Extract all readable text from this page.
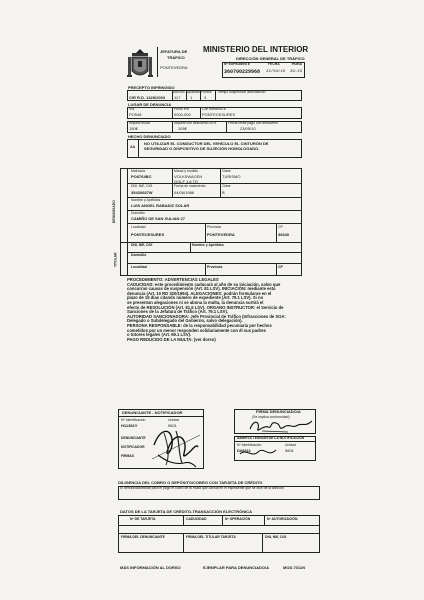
JEFATURA DE
TRÁFICO
PONTEVEDRA
MINISTERIO DEL INTERIOR
DIRECCIÓN GENERAL DE TRÁFICO
Nº EXPEDIENTE
360700229968
FECHA
22/04/10
HORA
29:23
PRECEPTO INFRINGIDO
CIR R.D. 1428/2003
Artículo
117
Apartado
1
Puntos
3
Tiempo suspensión autorización
LUGAR DE DENUNCIA
Vía
PO548
Punto Km
0000,000
Con dirección a
PONTECESURES
Importe multa
150€
Importe con descuento 30%
105€
Fecha límite pago con descuento
23/05/10
HECHO DENUNCIADO
2A
NO UTILIZAR EL CONDUCTOR DEL VEHÍCULO EL CINTURÓN DE
SEGURIDAD O DISPOSITIVO DE SUJECIÓN HOMOLOGADO.
DENUNCIADO
Matrícula
PO8764BC
Marca y modelo
VOLKSWAGEN
GOLF 1.6 TD
Clase
TURISMO
DNI, NIE, DOI
35430687W
Fecha de nacimiento
04/06/1986
Clase
B
Nombre y Apellidos
LUIS ANGEL RABADIZ SOLAR
Domicilio
CAMIÑO DE SAN XULIAN 27
Localidad
PONTECESURES
Provincia
PONTEVEDRA
CP
36640
TITULAR
DNI, NIE, DOI	Nombre y Apellidos
Domicilio
Localidad	Provincia	CP
PROCEDIMIENTO: ADVERTENCIAS LEGALES
CADUCIDAD: este procedimiento caducará al año de su iniciación, salvo que
concurran causas de suspensión (Art. 81 LSV). INICIACIÓN: mediante esta
denuncia (Art. 10 RD 320/1994). ALEGACIONES: podrán formularse en el
plazo de 15 días citando número de expediente (Art. 79.1 LSV). Si no
se presentan alegaciones ni se abona la multa, la denuncia surtirá el
efecto de RESOLUCIÓN (Art. 81.5 LSV). ORGANO INSTRUCTOR: el Servicio de
Sanciones de la Jefatura de Tráfico (Art. 79.1 LSV).
AUTORIDAD SANCIONADORA: Jefe Provincial de Tráfico (Infracciones de SOA:
Delegado o Subdelegado del Gobierno, salvo delegación).
PERSONA RESPONSABLE: de la responsabilidad pecuniaria por hechos
cometidos por un menor responden solidariamente con él sus padres
o tutores legales (Art. 69.1 LSV).
PAGO REDUCIDO DE LA MULTA: (ver dorso)
DENUNCIANTE - NOTIFICADOR
Nº Identificación
H11381Y
Unidad
5601
DENUNCIANTE
NOTIFICADOR
FIRMAS
FIRMA DENUNCIADO/A
(Se implica conformidad)
ABIERTA TENSIÓN DE LA NOTIFICACIÓN
Nº Identificación
D68811
Unidad
5601
DILIGENCIA DEL COBRO O DEPÓSITO/COBRO CON TARJETA DE CRÉDITO
El denunciado/titular para el pago el cobro de la multa que consta en el expediente que se dice de la sanción
DATOS DE LA TARJETA DE CRÉDITO-TRANSACCIÓN ELECTRÓNICA
Nº DE TARJETA	CADUCIDAD	Nº OPERACIÓN	Nº AUTORIZACIÓN
FIRMA DEL DENUNCIANTE	FIRMA DEL TITULAR TARJETA	DNI, NIE, DOI
MÁS INFORMACIÓN AL DORSO	EJEMPLAR PARA DENUNCIADO/A	MOD.7011N
